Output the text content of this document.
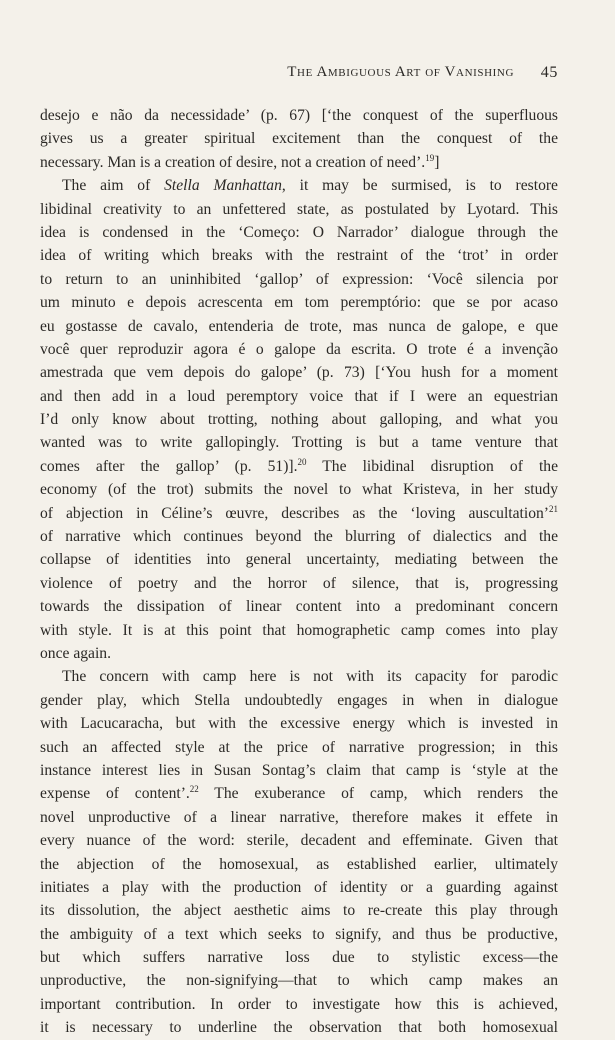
The Ambiguous Art of Vanishing 45
desejo e não da necessidade’ (p. 67) [‘the conquest of the superfluous
gives us a greater spiritual excitement than the conquest of the
necessary. Man is a creation of desire, not a creation of need’.$^{19}$]
The aim of Stella Manhattan, it may be surmised, is to restore
libidinal creativity to an unfettered state, as postulated by Lyotard. This
idea is condensed in the ‘Começo: O Narrador’ dialogue through the
idea of writing which breaks with the restraint of the ‘trot’ in order
to return to an uninhibited ‘gallop’ of expression: ‘Você silencia por
um minuto e depois acrescenta em tom peremptório: que se por acaso
eu gostasse de cavalo, entenderia de trote, mas nunca de galope, e que
você quer reproduzir agora é o galope da escrita. O trote é a invenção
amestrada que vem depois do galope’ (p. 73) [‘You hush for a moment
and then add in a loud peremptory voice that if I were an equestrian
I’d only know about trotting, nothing about galloping, and what you
wanted was to write gallopingly. Trotting is but a tame venture that
comes after the gallop’ (p. 51)].$^{20}$ The libidinal disruption of the
economy (of the trot) submits the novel to what Kristeva, in her study
of abjection in Céline’s œuvre, describes as the ‘loving auscultation’$^{21}$
of narrative which continues beyond the blurring of dialectics and the
collapse of identities into general uncertainty, mediating between the
violence of poetry and the horror of silence, that is, progressing
towards the dissipation of linear content into a predominant concern
with style. It is at this point that homographetic camp comes into play
once again.
The concern with camp here is not with its capacity for parodic
gender play, which Stella undoubtedly engages in when in dialogue
with Lacucaracha, but with the excessive energy which is invested in
such an affected style at the price of narrative progression; in this
instance interest lies in Susan Sontag’s claim that camp is ‘style at the
expense of content’.$^{22}$ The exuberance of camp, which renders the
novel unproductive of a linear narrative, therefore makes it effete in
every nuance of the word: sterile, decadent and effeminate. Given that
the abjection of the homosexual, as established earlier, ultimately
initiates a play with the production of identity or a guarding against
its dissolution, the abject aesthetic aims to re-create this play through
the ambiguity of a text which seeks to signify, and thus be productive,
but which suffers narrative loss due to stylistic excess—the
unproductive, the non-signifying—that to which camp makes an
important contribution. In order to investigate how this is achieved,
it is necessary to underline the observation that both homosexual
